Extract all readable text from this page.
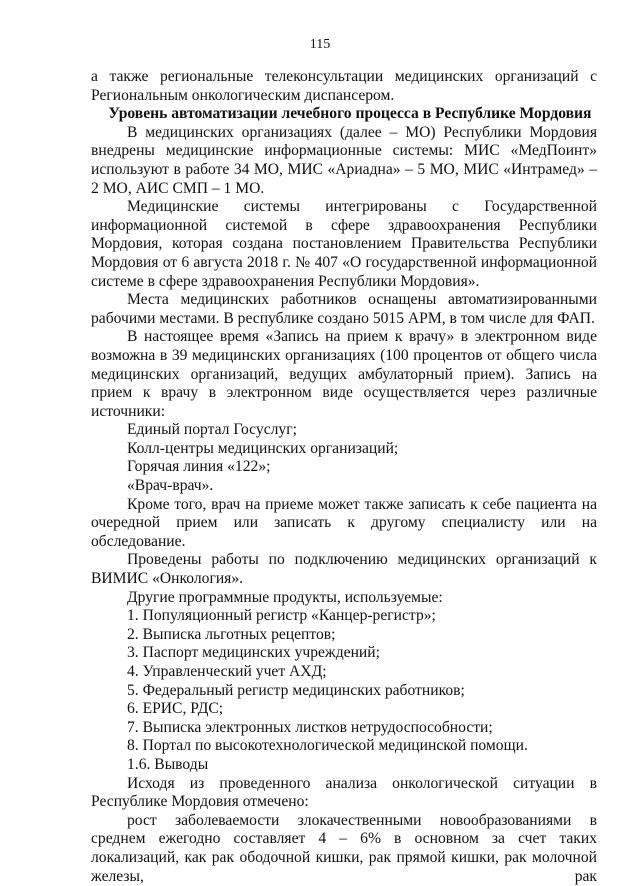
115

а также региональные телеконсультации медицинских организаций с

Региональным онкологическим диспансером.

Уровень автоматизации лечебного процесса в Республике Мордовия

В медицинских организациях (далее – МО) Республики Мордовия внедрены медицинские информационные системы: МИС «МедПоинт» используют в работе 34 МО, МИС «Ариадна» – 5 МО, МИС «Интрамед» – 2 МО, АИС СМП – 1 МО.

Медицинские системы интегрированы с Государственной информационной системой в сфере здравоохранения Республики Мордовия, которая создана постановлением Правительства Республики Мордовия от 6 августа 2018 г. № 407 «О государственной информационной системе в сфере здравоохранения Республики Мордовия».

Места медицинских работников оснащены автоматизированными рабочими местами. В республике создано 5015 АРМ, в том числе для ФАП.

В настоящее время «Запись на прием к врачу» в электронном виде возможна в 39 медицинских организациях (100 процентов от общего числа медицинских организаций, ведущих амбулаторный прием). Запись на прием к врачу в электронном виде осуществляется через различные источники:

Единый портал Госуслуг;

Колл-центры медицинских организаций;

Горячая линия «122»;

«Врач-врач».

Кроме того, врач на приеме может также записать к себе пациента на очередной прием или записать к другому специалисту или на обследование.

Проведены работы по подключению медицинских организаций к ВИМИС «Онкология».

Другие программные продукты, используемые:

1. Популяционный регистр «Канцер-регистр»;

2. Выписка льготных рецептов;

3. Паспорт медицинских учреждений;

4. Управленческий учет АХД;

5. Федеральный регистр медицинских работников;

6. ЕРИС, РДС;

7. Выписка электронных листков нетрудоспособности;

8. Портал по высокотехнологической медицинской помощи.

1.6. Выводы

Исходя из проведенного анализа онкологической ситуации в Республике Мордовия отмечено:

рост заболеваемости злокачественными новообразованиями в среднем ежегодно составляет 4 – 6% в основном за счет таких локализаций, как рак ободочной кишки, рак прямой кишки, рак молочной железы, рак
